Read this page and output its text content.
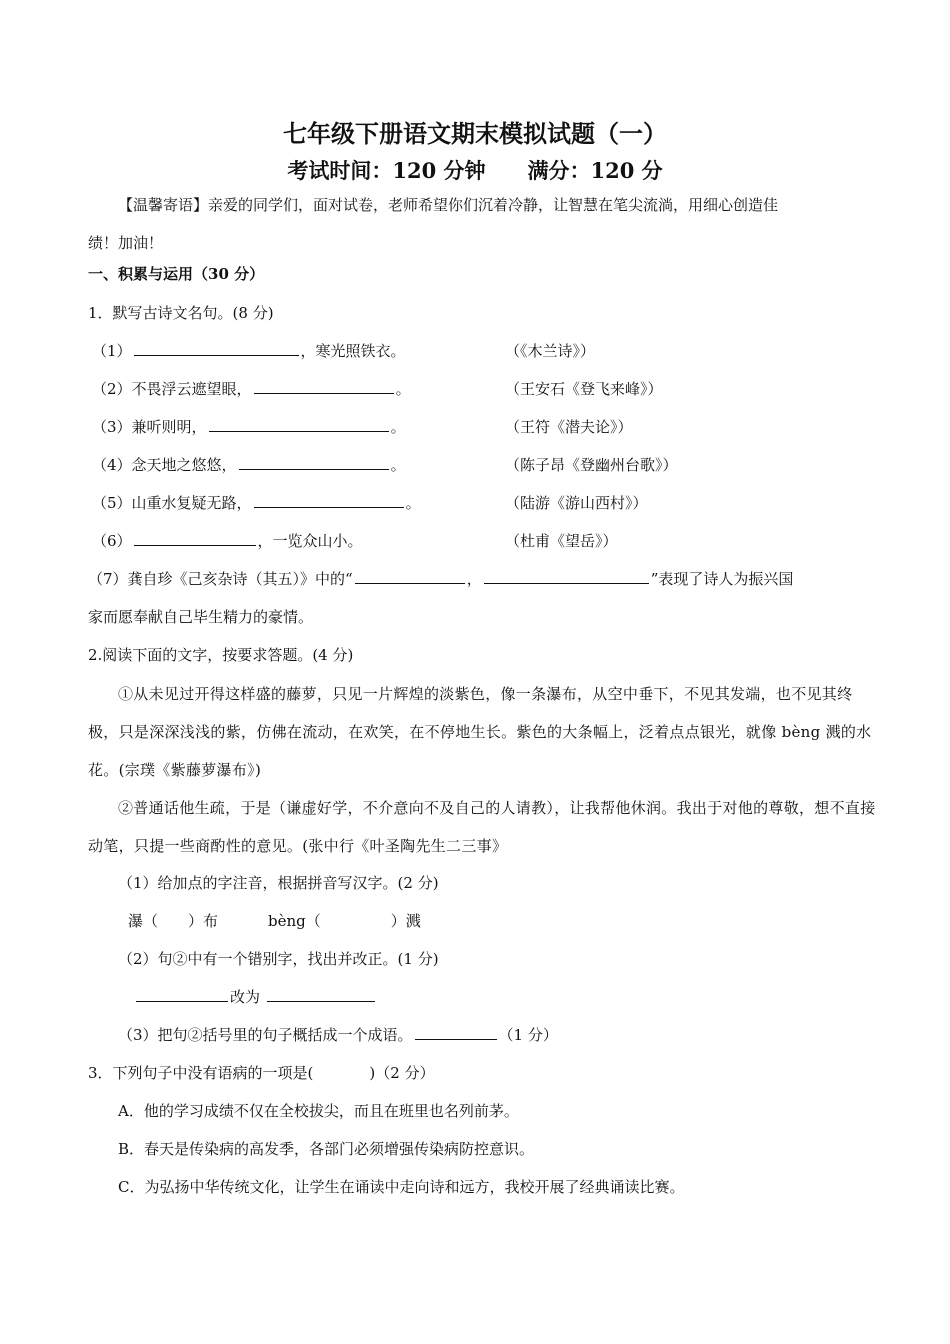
七年级下册语文期末模拟试题（一）
考试时间：120 分钟　　满分：120 分
【温馨寄语】亲爱的同学们，面对试卷，老师希望你们沉着冷静，让智慧在笔尖流淌，用细心创造佳
绩！加油！
一、积累与运用（30 分）
1．默写古诗文名句。(8 分)
（1）	，寒光照铁衣。	（《木兰诗》）
（2）不畏浮云遮望眼，	。	（王安石《登飞来峰》）
（3）兼听则明，	。	（王符《潜夫论》）
（4）念天地之悠悠，	。	（陈子昂《登幽州台歌》）
（5）山重水复疑无路，	。	（陆游《游山西村》）
（6）	，一览众山小。	（杜甫《望岳》）
（7）龚自珍《己亥杂诗（其五）》中的“	，	”表现了诗人为振兴国
家而愿奉献自己毕生精力的豪情。
2.阅读下面的文字，按要求答题。(4 分)
①从未见过开得这样盛的藤萝，只见一片辉煌的淡紫色，像一条瀑布，从空中垂下，不见其发端，也不见其终极，只是深深浅浅的紫，仿佛在流动，在欢笑，在不停地生长。紫色的大条幅上，泛着点点银光，就像 bèng 溅的水花。(宗璞《紫藤萝瀑布》)
②普通话他生疏，于是（谦虚好学，不介意向不及自己的人请教），让我帮他休润。我出于对他的尊敬，想不直接动笔，只提一些商酌性的意见。(张中行《叶圣陶先生二三事》
（1）给加点的字注音，根据拼音写汉字。(2 分)
瀑（　　）布	bèng（	）溅
（2）句②中有一个错别字，找出并改正。(1 分)
改为
（3）把句②括号里的句子概括成一个成语。	（1 分）
3．下列句子中没有语病的一项是(	)（2 分）
A．他的学习成绩不仅在全校拔尖，而且在班里也名列前茅。
B．春天是传染病的高发季，各部门必须增强传染病防控意识。
C．为弘扬中华传统文化，让学生在诵读中走向诗和远方，我校开展了经典诵读比赛。
